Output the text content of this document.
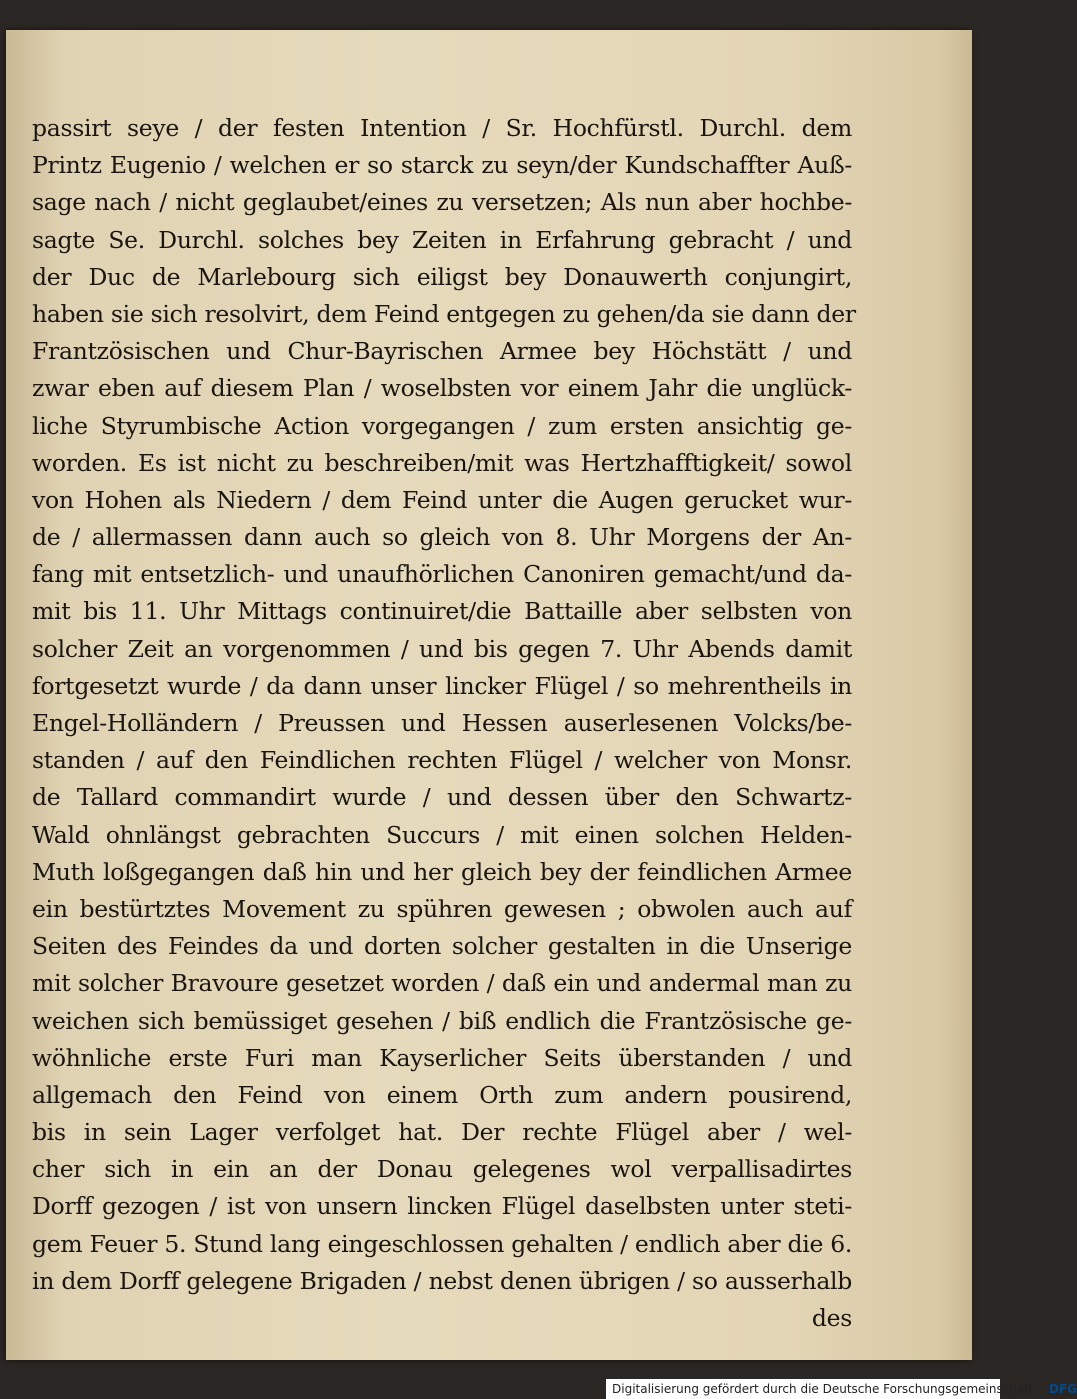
passirt seye / der festen Intention / Sr. Hochfürstl. Durchl. dem
Printz Eugenio / welchen er so starck zu seyn/der Kundschaffter Auß-
sage nach / nicht geglaubet/eines zu versetzen; Als nun aber hochbe-
sagte Se. Durchl. solches bey Zeiten in Erfahrung gebracht / und
der Duc de Marlebourg sich eiligst bey Donauwerth conjungirt,
haben sie sich resolvirt, dem Feind entgegen zu gehen/da sie dann der
Frantzösischen und Chur-Bayrischen Armee bey Höchstätt / und
zwar eben auf diesem Plan / woselbsten vor einem Jahr die unglück-
liche Styrumbische Action vorgegangen / zum ersten ansichtig ge-
worden. Es ist nicht zu beschreiben/mit was Hertzhafftigkeit/ sowol
von Hohen als Niedern / dem Feind unter die Augen gerucket wur-
de / allermassen dann auch so gleich von 8. Uhr Morgens der An-
fang mit entsetzlich- und unaufhörlichen Canoniren gemacht/und da-
mit bis 11. Uhr Mittags continuiret/die Battaille aber selbsten von
solcher Zeit an vorgenommen / und bis gegen 7. Uhr Abends damit
fortgesetzt wurde / da dann unser lincker Flügel / so mehrentheils in
Engel-Holländern / Preussen und Hessen auserlesenen Volcks/be-
standen / auf den Feindlichen rechten Flügel / welcher von Monsr.
de Tallard commandirt wurde / und dessen über den Schwartz-
Wald ohnlängst gebrachten Succurs / mit einen solchen Helden-
Muth loßgegangen daß hin und her gleich bey der feindlichen Armee
ein bestürtztes Movement zu spühren gewesen ; obwolen auch auf
Seiten des Feindes da und dorten solcher gestalten in die Unserige
mit solcher Bravoure gesetzet worden / daß ein und andermal man zu
weichen sich bemüssiget gesehen / biß endlich die Frantzösische ge-
wöhnliche erste Furi man Kayserlicher Seits überstanden / und
allgemach den Feind von einem Orth zum andern pousirend,
bis in sein Lager verfolget hat. Der rechte Flügel aber / wel-
cher sich in ein an der Donau gelegenes wol verpallisadirtes
Dorff gezogen / ist von unsern lincken Flügel daselbsten unter steti-
gem Feuer 5. Stund lang eingeschlossen gehalten / endlich aber die 6.
in dem Dorff gelegene Brigaden / nebst denen übrigen / so ausserhalb
des
Digitalisierung gefördert durch die Deutsche Forschungsgemeinschaft - DFG
